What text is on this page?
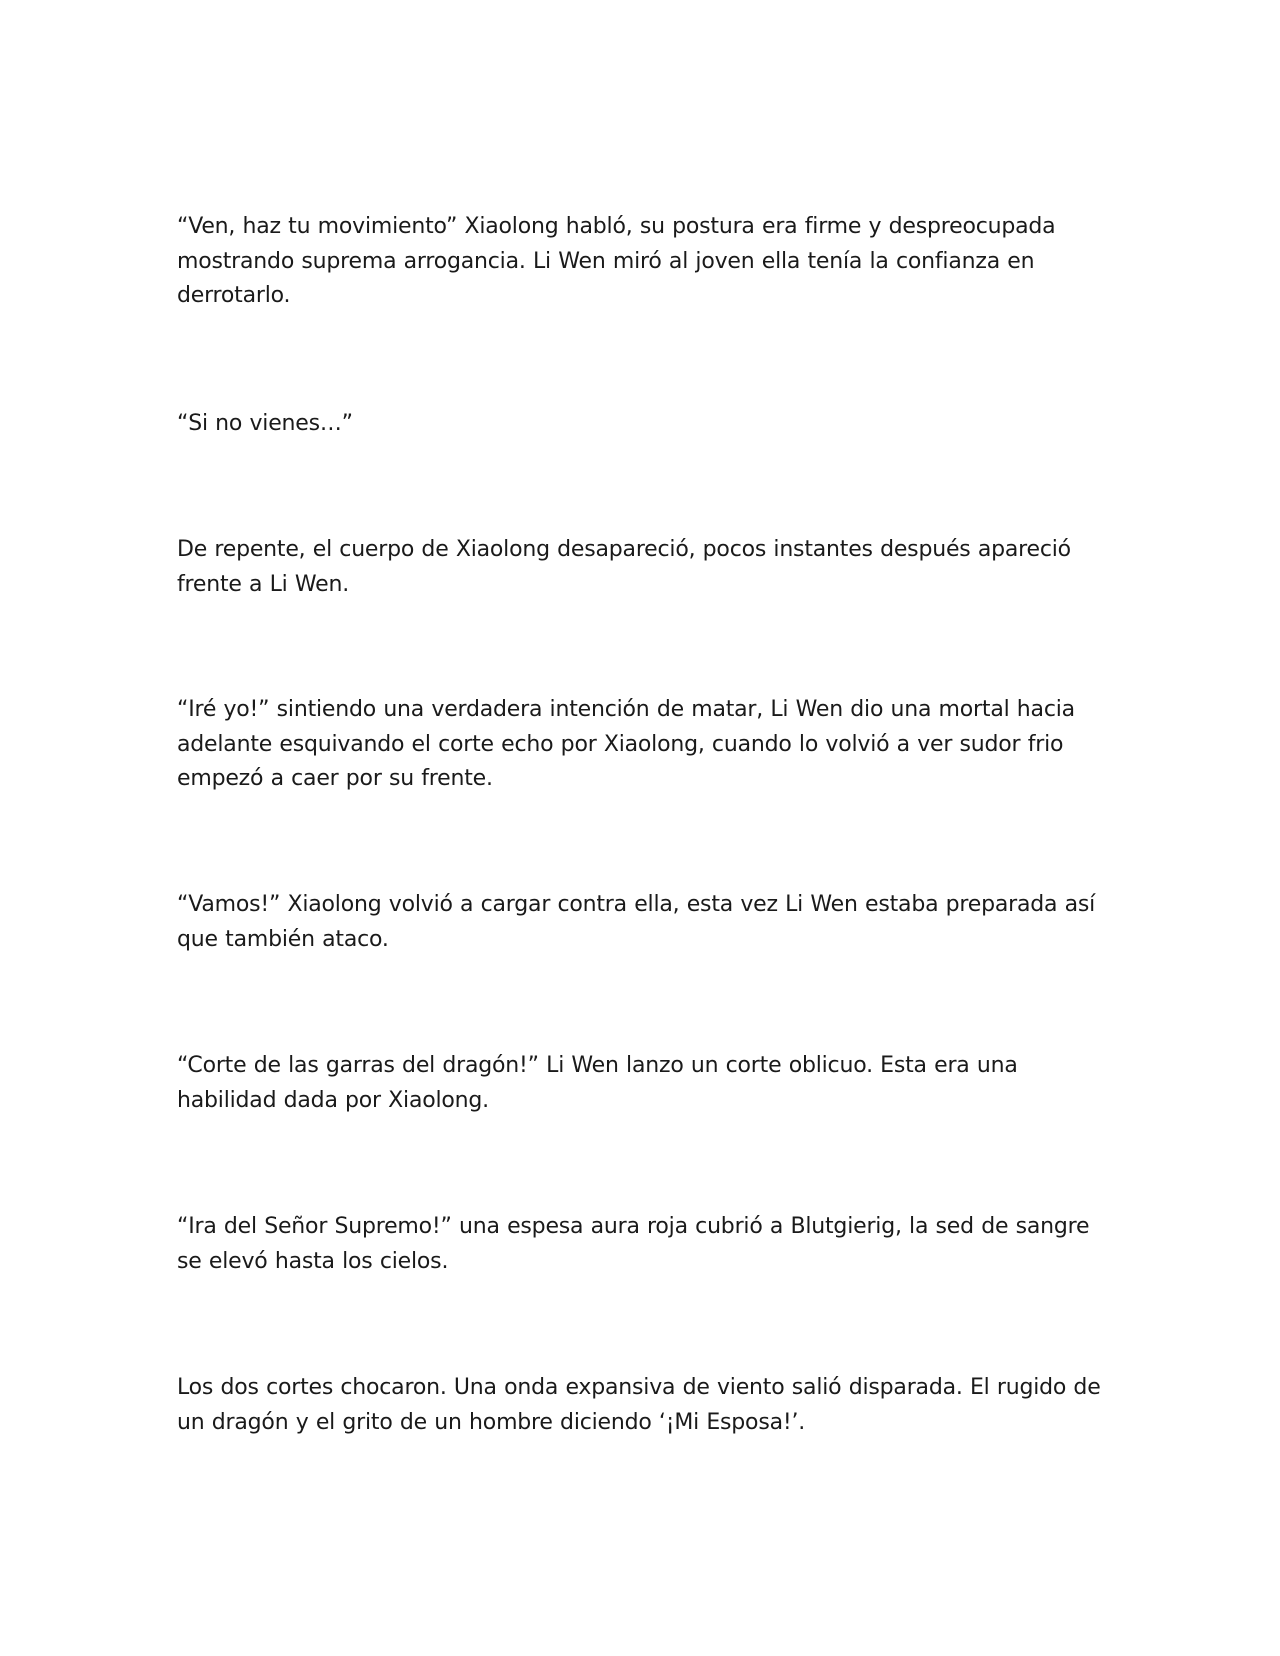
“Ven, haz tu movimiento” Xiaolong habló, su postura era firme y despreocupada mostrando suprema arrogancia. Li Wen miró al joven ella tenía la confianza en derrotarlo.

“Si no vienes…”

De repente, el cuerpo de Xiaolong desapareció, pocos instantes después apareció frente a Li Wen.

“Iré yo!” sintiendo una verdadera intención de matar, Li Wen dio una mortal hacia adelante esquivando el corte echo por Xiaolong, cuando lo volvió a ver sudor frio empezó a caer por su frente.

“Vamos!” Xiaolong volvió a cargar contra ella, esta vez Li Wen estaba preparada así que también ataco.

“Corte de las garras del dragón!” Li Wen lanzo un corte oblicuo. Esta era una habilidad dada por Xiaolong.

“Ira del Señor Supremo!” una espesa aura roja cubrió a Blutgierig, la sed de sangre se elevó hasta los cielos.

Los dos cortes chocaron. Una onda expansiva de viento salió disparada. El rugido de un dragón y el grito de un hombre diciendo ‘¡Mi Esposa!’.
